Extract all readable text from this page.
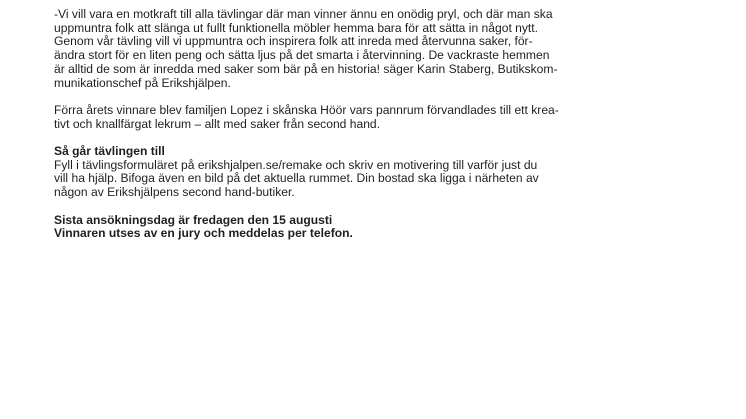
-Vi vill vara en motkraft till alla tävlingar där man vinner ännu en onödig pryl, och där man ska
uppmuntra folk att slänga ut fullt funktionella möbler hemma bara för att sätta in något nytt.
Genom vår tävling vill vi uppmuntra och inspirera folk att inreda med återvunna saker, för-
ändra stort för en liten peng och sätta ljus på det smarta i återvinning. De vackraste hemmen
är alltid de som är inredda med saker som bär på en historia! säger Karin Staberg, Butikskom-
munikationschef på Erikshjälpen.

Förra årets vinnare blev familjen Lopez i skånska Höör vars pannrum förvandlades till ett krea-
tivt och knallfärgat lekrum – allt med saker från second hand.

Så går tävlingen till
Fyll i tävlingsformuläret på erikshjalpen.se/remake och skriv en motivering till varför just du
vill ha hjälp. Bifoga även en bild på det aktuella rummet. Din bostad ska ligga i närheten av
någon av Erikshjälpens second hand-butiker.

Sista ansökningsdag är fredagen den 15 augusti
Vinnaren utses av en jury och meddelas per telefon.
